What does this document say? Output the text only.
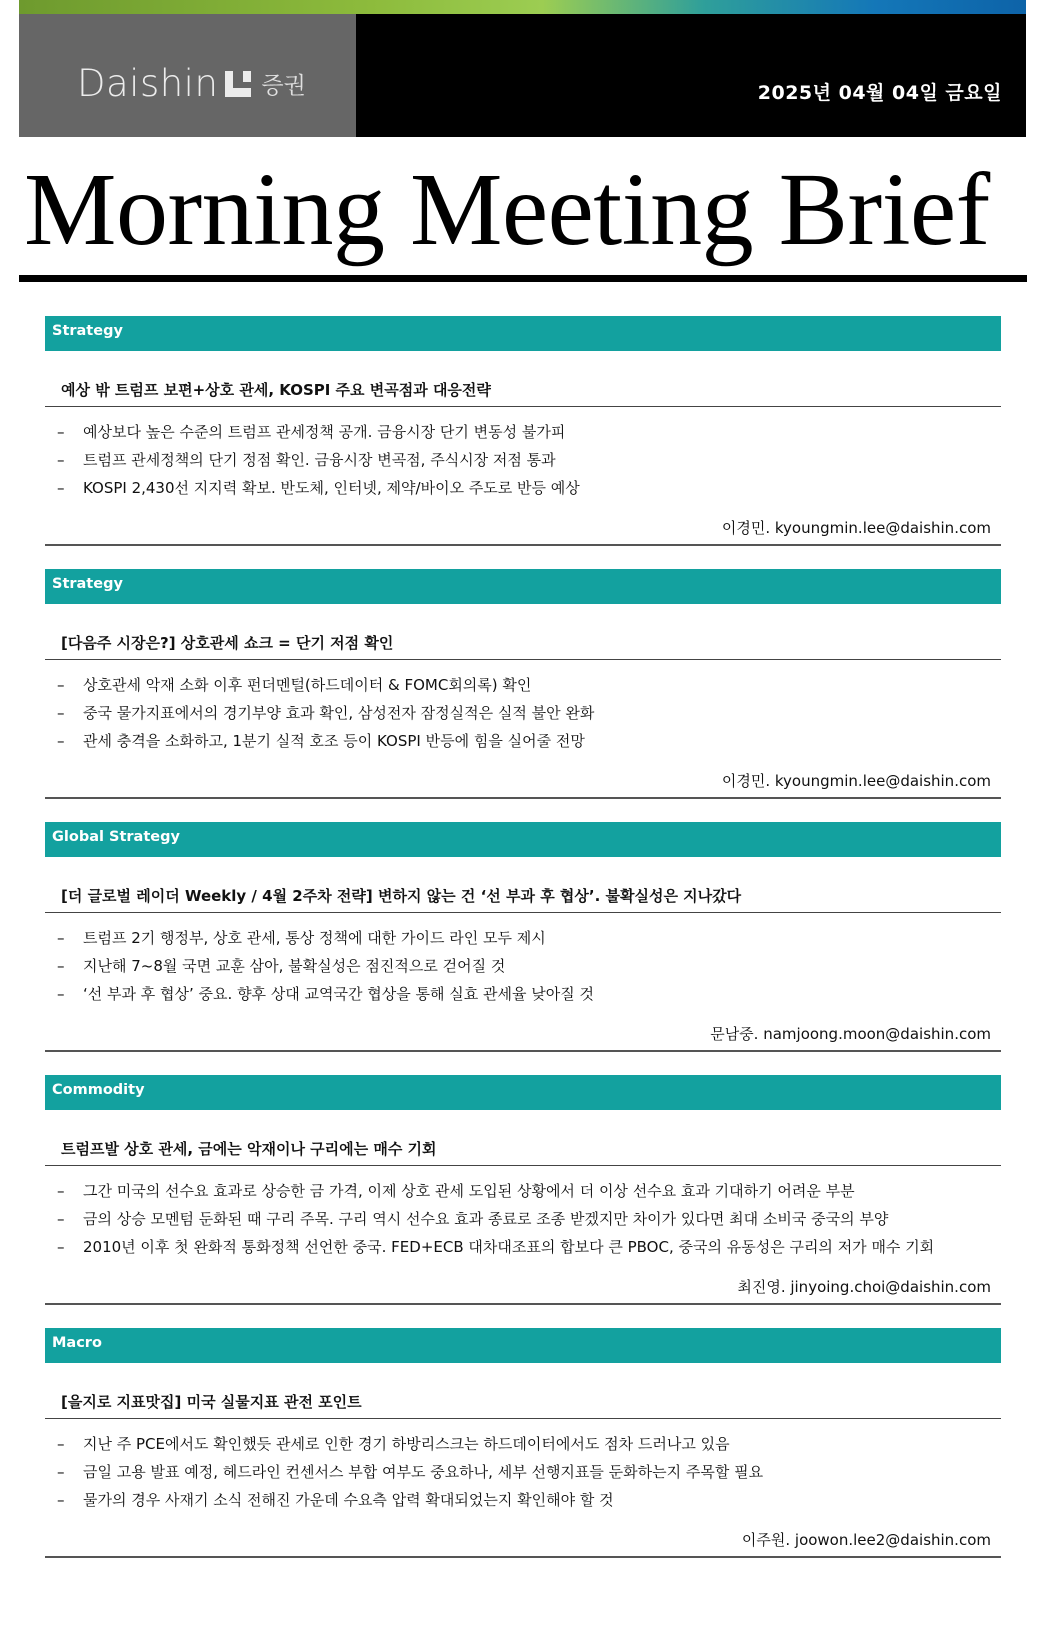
Daishin 증권	2025년 04월 04일 금요일
Morning Meeting Brief
Strategy
예상 밖 트럼프 보편+상호 관세, KOSPI 주요 변곡점과 대응전략
– 예상보다 높은 수준의 트럼프 관세정책 공개. 금융시장 단기 변동성 불가피
– 트럼프 관세정책의 단기 정점 확인. 금융시장 변곡점, 주식시장 저점 통과
– KOSPI 2,430선 지지력 확보. 반도체, 인터넷, 제약/바이오 주도로 반등 예상
이경민. kyoungmin.lee@daishin.com
Strategy
[다음주 시장은?] 상호관세 쇼크 = 단기 저점 확인
– 상호관세 악재 소화 이후 펀더멘털(하드데이터 & FOMC회의록) 확인
– 중국 물가지표에서의 경기부양 효과 확인, 삼성전자 잠정실적은 실적 불안 완화
– 관세 충격을 소화하고, 1분기 실적 호조 등이 KOSPI 반등에 힘을 실어줄 전망
이경민. kyoungmin.lee@daishin.com
Global Strategy
[더 글로벌 레이더 Weekly / 4월 2주차 전략] 변하지 않는 건 ‘선 부과 후 협상’. 불확실성은 지나갔다
– 트럼프 2기 행정부, 상호 관세, 통상 정책에 대한 가이드 라인 모두 제시
– 지난해 7~8월 국면 교훈 삼아, 불확실성은 점진적으로 걷어질 것
– ‘선 부과 후 협상’ 중요. 향후 상대 교역국간 협상을 통해 실효 관세율 낮아질 것
문남중. namjoong.moon@daishin.com
Commodity
트럼프발 상호 관세, 금에는 악재이나 구리에는 매수 기회
– 그간 미국의 선수요 효과로 상승한 금 가격, 이제 상호 관세 도입된 상황에서 더 이상 선수요 효과 기대하기 어려운 부분
– 금의 상승 모멘텀 둔화된 때 구리 주목. 구리 역시 선수요 효과 종료로 조종 받겠지만 차이가 있다면 최대 소비국 중국의 부양
– 2010년 이후 첫 완화적 통화정책 선언한 중국. FED+ECB 대차대조표의 합보다 큰 PBOC, 중국의 유동성은 구리의 저가 매수 기회
최진영. jinyoing.choi@daishin.com
Macro
[을지로 지표맛집] 미국 실물지표 관전 포인트
– 지난 주 PCE에서도 확인했듯 관세로 인한 경기 하방리스크는 하드데이터에서도 점차 드러나고 있음
– 금일 고용 발표 예정, 헤드라인 컨센서스 부합 여부도 중요하나, 세부 선행지표들 둔화하는지 주목할 필요
– 물가의 경우 사재기 소식 전해진 가운데 수요측 압력 확대되었는지 확인해야 할 것
이주원. joowon.lee2@daishin.com
